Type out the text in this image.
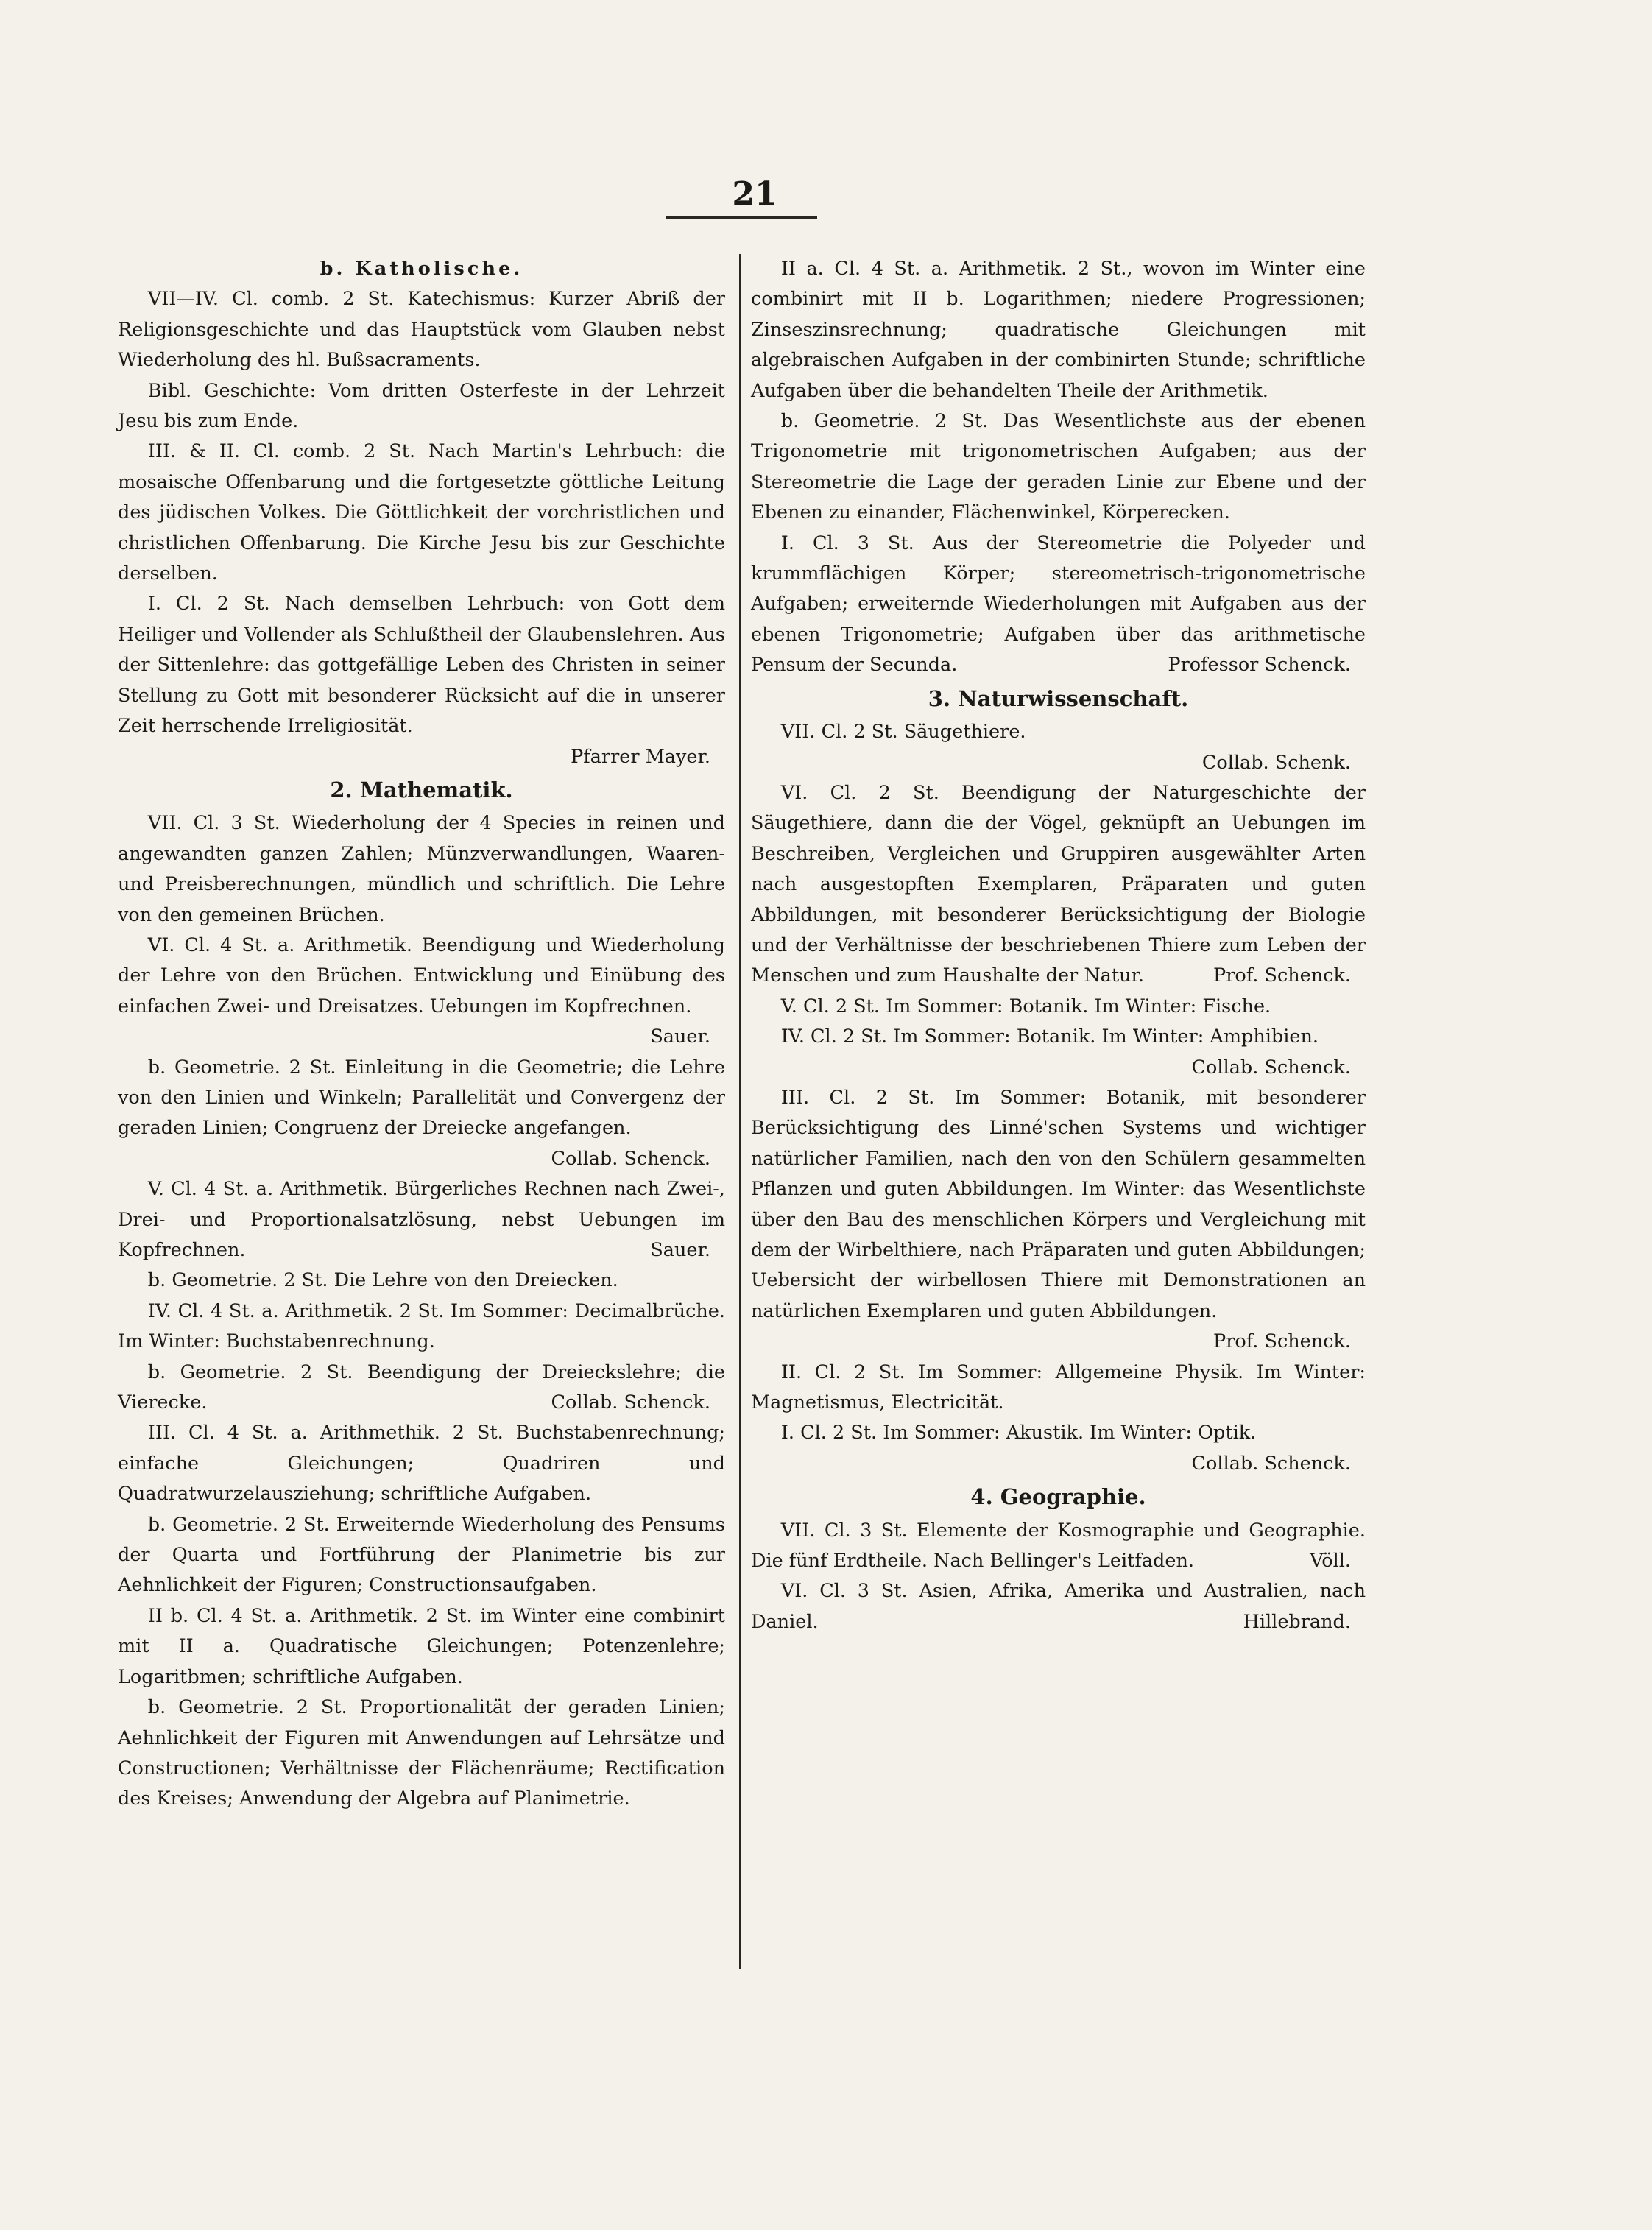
21

b. Katholische.

VII—IV. Cl. comb. 2 St. Katechismus: Kurzer Abriß der Religionsgeschichte und das Hauptstück vom Glauben nebst Wiederholung des hl. Bußsacraments.

Bibl. Geschichte: Vom dritten Osterfeste in der Lehrzeit Jesu bis zum Ende.

III. & II. Cl. comb. 2 St. Nach Martin's Lehrbuch: die mosaische Offenbarung und die fortgesetzte göttliche Leitung des jüdischen Volkes. Die Göttlichkeit der vorchristlichen und christlichen Offenbarung. Die Kirche Jesu bis zur Geschichte derselben.

I. Cl. 2 St. Nach demselben Lehrbuch: von Gott dem Heiliger und Vollender als Schlußtheil der Glaubenslehren. Aus der Sittenlehre: das gottgefällige Leben des Christen in seiner Stellung zu Gott mit besonderer Rücksicht auf die in unserer Zeit herrschende Irreligiosität.

Pfarrer Mayer.

2. Mathematik.

VII. Cl. 3 St. Wiederholung der 4 Species in reinen und angewandten ganzen Zahlen; Münzverwandlungen, Waaren- und Preisberechnungen, mündlich und schriftlich. Die Lehre von den gemeinen Brüchen.

VI. Cl. 4 St. a. Arithmetik. Beendigung und Wiederholung der Lehre von den Brüchen. Entwicklung und Einübung des einfachen Zwei- und Dreisatzes. Uebungen im Kopfrechnen.
Sauer.

b. Geometrie. 2 St. Einleitung in die Geometrie; die Lehre von den Linien und Winkeln; Parallelität und Convergenz der geraden Linien; Congruenz der Dreiecke angefangen.
Collab. Schenck.

V. Cl. 4 St. a. Arithmetik. Bürgerliches Rechnen nach Zwei-, Drei- und Proportionalsatzlösung, nebst Uebungen im Kopfrechnen.	Sauer.

b. Geometrie. 2 St. Die Lehre von den Dreiecken.

IV. Cl. 4 St. a. Arithmetik. 2 St. Im Sommer: Decimalbrüche. Im Winter: Buchstabenrechnung.

b. Geometrie. 2 St. Beendigung der Dreieckslehre; die Vierecke.	Collab. Schenck.

III. Cl. 4 St. a. Arithmethik. 2 St. Buchstabenrechnung; einfache Gleichungen; Quadriren und Quadratwurzelausziehung; schriftliche Aufgaben.

b. Geometrie. 2 St. Erweiternde Wiederholung des Pensums der Quarta und Fortführung der Planimetrie bis zur Aehnlichkeit der Figuren; Constructionsaufgaben.

II b. Cl. 4 St. a. Arithmetik. 2 St. im Winter eine combinirt mit II a. Quadratische Gleichungen; Potenzenlehre; Logaritbmen; schriftliche Aufgaben.

b. Geometrie. 2 St. Proportionalität der geraden Linien; Aehnlichkeit der Figuren mit Anwendungen auf Lehrsätze und Constructionen; Verhältnisse der Flächenräume; Rectification des Kreises; Anwendung der Algebra auf Planimetrie.

II a. Cl. 4 St. a. Arithmetik. 2 St., wovon im Winter eine combinirt mit II b. Logarithmen; niedere Progressionen; Zinseszinsrechnung; quadratische Gleichungen mit algebraischen Aufgaben in der combinirten Stunde; schriftliche Aufgaben über die behandelten Theile der Arithmetik.

b. Geometrie. 2 St. Das Wesentlichste aus der ebenen Trigonometrie mit trigonometrischen Aufgaben; aus der Stereometrie die Lage der geraden Linie zur Ebene und der Ebenen zu einander, Flächenwinkel, Körperecken.

I. Cl. 3 St. Aus der Stereometrie die Polyeder und krummflächigen Körper; stereometrisch-trigonometrische Aufgaben; erweiternde Wiederholungen mit Aufgaben aus der ebenen Trigonometrie; Aufgaben über das arithmetische Pensum der Secunda.	Professor Schenck.

3. Naturwissenschaft.

VII. Cl. 2 St. Säugethiere.

Collab. Schenk.

VI. Cl. 2 St. Beendigung der Naturgeschichte der Säugethiere, dann die der Vögel, geknüpft an Uebungen im Beschreiben, Vergleichen und Gruppiren ausgewählter Arten nach ausgestopften Exemplaren, Präparaten und guten Abbildungen, mit besonderer Berücksichtigung der Biologie und der Verhältnisse der beschriebenen Thiere zum Leben der Menschen und zum Haushalte der Natur.	Prof. Schenck.

V. Cl. 2 St. Im Sommer: Botanik. Im Winter: Fische.

IV. Cl. 2 St. Im Sommer: Botanik. Im Winter: Amphibien.
Collab. Schenck.

III. Cl. 2 St. Im Sommer: Botanik, mit besonderer Berücksichtigung des Linné'schen Systems und wichtiger natürlicher Familien, nach den von den Schülern gesammelten Pflanzen und guten Abbildungen. Im Winter: das Wesentlichste über den Bau des menschlichen Körpers und Vergleichung mit dem der Wirbelthiere, nach Präparaten und guten Abbildungen; Uebersicht der wirbellosen Thiere mit Demonstrationen an natürlichen Exemplaren und guten Abbildungen.
Prof. Schenck.

II. Cl. 2 St. Im Sommer: Allgemeine Physik. Im Winter: Magnetismus, Electricität.

I. Cl. 2 St. Im Sommer: Akustik. Im Winter: Optik.
Collab. Schenck.

4. Geographie.

VII. Cl. 3 St. Elemente der Kosmographie und Geographie. Die fünf Erdtheile. Nach Bellinger's Leitfaden.	Völl.

VI. Cl. 3 St. Asien, Afrika, Amerika und Australien, nach Daniel.	Hillebrand.
